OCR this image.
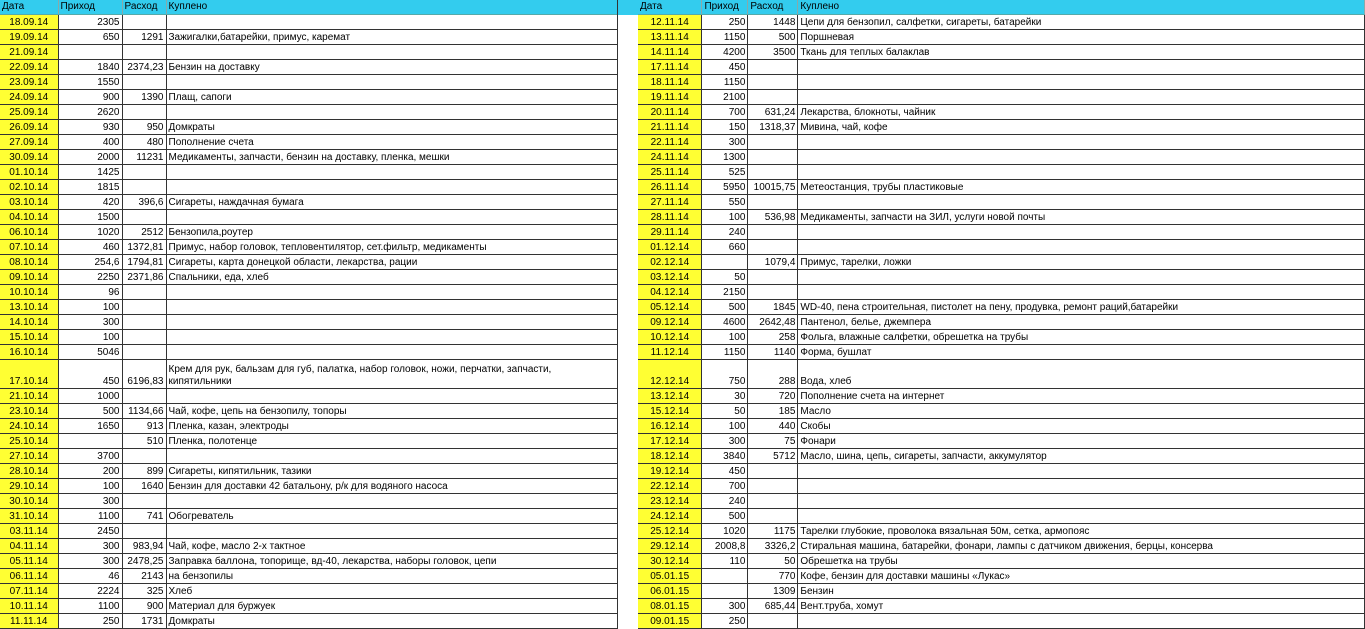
Дата	Приход	Расход	Куплено
18.09.14	2305		
19.09.14	650	1291	Зажигалки,батарейки, примус, каремат
21.09.14			
22.09.14	1840	2374,23	Бензин на доставку
23.09.14	1550		
24.09.14	900	1390	Плащ, сапоги
25.09.14	2620		
26.09.14	930	950	Домкраты
27.09.14	400	480	Пополнение счета
30.09.14	2000	11231	Медикаменты, запчасти, бензин на доставку, пленка, мешки
01.10.14	1425		
02.10.14	1815		
03.10.14	420	396,6	Сигареты, наждачная бумага
04.10.14	1500		
06.10.14	1020	2512	Бензопила,роутер
07.10.14	460	1372,81	Примус, набор головок, тепловентилятор, сет.фильтр, медикаменты
08.10.14	254,6	1794,81	Сигареты, карта донецкой области, лекарства, рации
09.10.14	2250	2371,86	Спальники, еда, хлеб
10.10.14	96		
13.10.14	100		
14.10.14	300		
15.10.14	100		
16.10.14	5046		
17.10.14	450	6196,83	Крем для рук, бальзам для губ, палатка, набор головок, ножи, перчатки, запчасти, кипятильники
21.10.14	1000		
23.10.14	500	1134,66	Чай, кофе, цепь на бензопилу, топоры
24.10.14	1650	913	Пленка, казан, электроды
25.10.14		510	Пленка, полотенце
27.10.14	3700		
28.10.14	200	899	Сигареты, кипятильник, тазики
29.10.14	100	1640	Бензин для доставки 42 батальону, р/к для водяного насоса
30.10.14	300		
31.10.14	1100	741	Обогреватель
03.11.14	2450		
04.11.14	300	983,94	Чай, кофе, масло 2-х тактное
05.11.14	300	2478,25	Заправка баллона, топорище, вд-40, лекарства, наборы головок, цепи
06.11.14	46	2143	на бензопилы
07.11.14	2224	325	Хлеб
10.11.14	1100	900	Материал для буржуек
11.11.14	250	1731	Домкраты
Дата	Приход	Расход	Куплено
12.11.14	250	1448	Цепи для бензопил, салфетки, сигареты, батарейки
13.11.14	1150	500	Поршневая
14.11.14	4200	3500	Ткань для теплых балаклав
17.11.14	450		
18.11.14	1150		
19.11.14	2100		
20.11.14	700	631,24	Лекарства, блокноты, чайник
21.11.14	150	1318,37	Мивина, чай, кофе
22.11.14	300		
24.11.14	1300		
25.11.14	525		
26.11.14	5950	10015,75	Метеостанция, трубы пластиковые
27.11.14	550		
28.11.14	100	536,98	Медикаменты, запчасти на ЗИЛ, услуги новой почты
29.11.14	240		
01.12.14	660		
02.12.14		1079,4	Примус, тарелки, ложки
03.12.14	50		
04.12.14	2150		
05.12.14	500	1845	WD-40, пена строительная, пистолет на пену, продувка, ремонт раций,батарейки
09.12.14	4600	2642,48	Пантенол, белье, джемпера
10.12.14	100	258	Фольга, влажные салфетки, обрешетка на трубы
11.12.14	1150	1140	Форма, бушлат
12.12.14	750	288	Вода, хлеб
13.12.14	30	720	Пополнение счета на интернет
15.12.14	50	185	Масло
16.12.14	100	440	Скобы
17.12.14	300	75	Фонари
18.12.14	3840	5712	Масло, шина, цепь, сигареты, запчасти, аккумулятор
19.12.14	450		
22.12.14	700		
23.12.14	240		
24.12.14	500		
25.12.14	1020	1175	Тарелки глубокие, проволока вязальная 50м, сетка, армопояс
29.12.14	2008,8	3326,2	Стиральная машина, батарейки, фонари, лампы с датчиком движения, берцы, консерва
30.12.14	110	50	Обрешетка на трубы
05.01.15		770	Кофе, бензин для доставки машины «Лукас»
06.01.15		1309	Бензин
08.01.15	300	685,44	Вент.труба, хомут
09.01.15	250		
